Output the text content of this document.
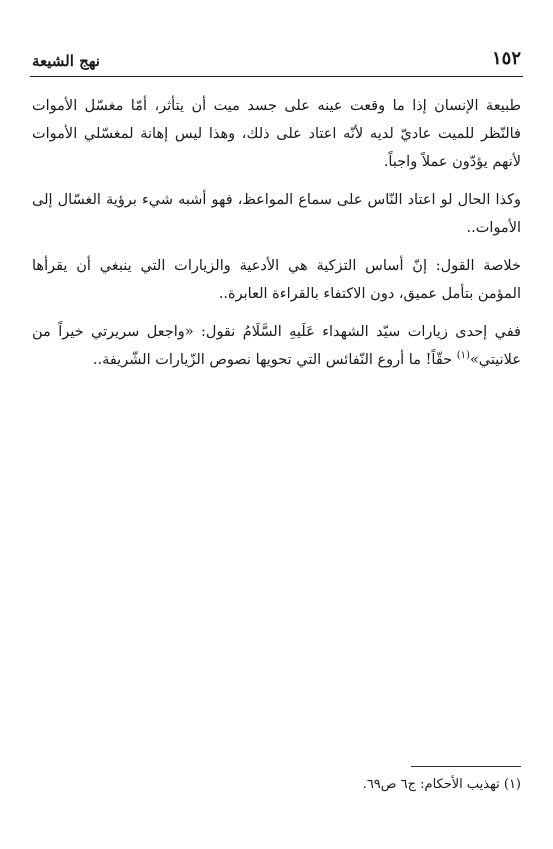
نهج الشيعة	١٥٢

طبيعة الإنسان إذا ما وقعت عينه على جسد ميت أن يتأثر، أمّا مغسّل الأموات فالنّظر للميت عاديّ لديه لأنّه اعتاد على ذلك، وهذا ليس إهانة لمغسّلي الأموات لأنهم يؤدّون عملاً واجباً.

وكذا الحال لو اعتاد النّاس على سماع المواعظ، فهو أشبه شيء برؤية الغسّال إلى الأموات..

خلاصة القول: إنّ أساس التزكية هي الأدعية والزيارات التي ينبغي أن يقرأها المؤمن بتأمل عميق، دون الاكتفاء بالقراءة العابرة..

ففي إحدى زيارات سيّد الشهداء عَلَيهِ السَّلَامُ نقول: «واجعل سريرتي خيراً من علانيتي»$^{(١)}$ حقّاً! ما أروع النّفائس التي تحويها نصوص الزّيارات الشّريفة..

(١) تهذيب الأحكام: ج٦ ص٦٩.
